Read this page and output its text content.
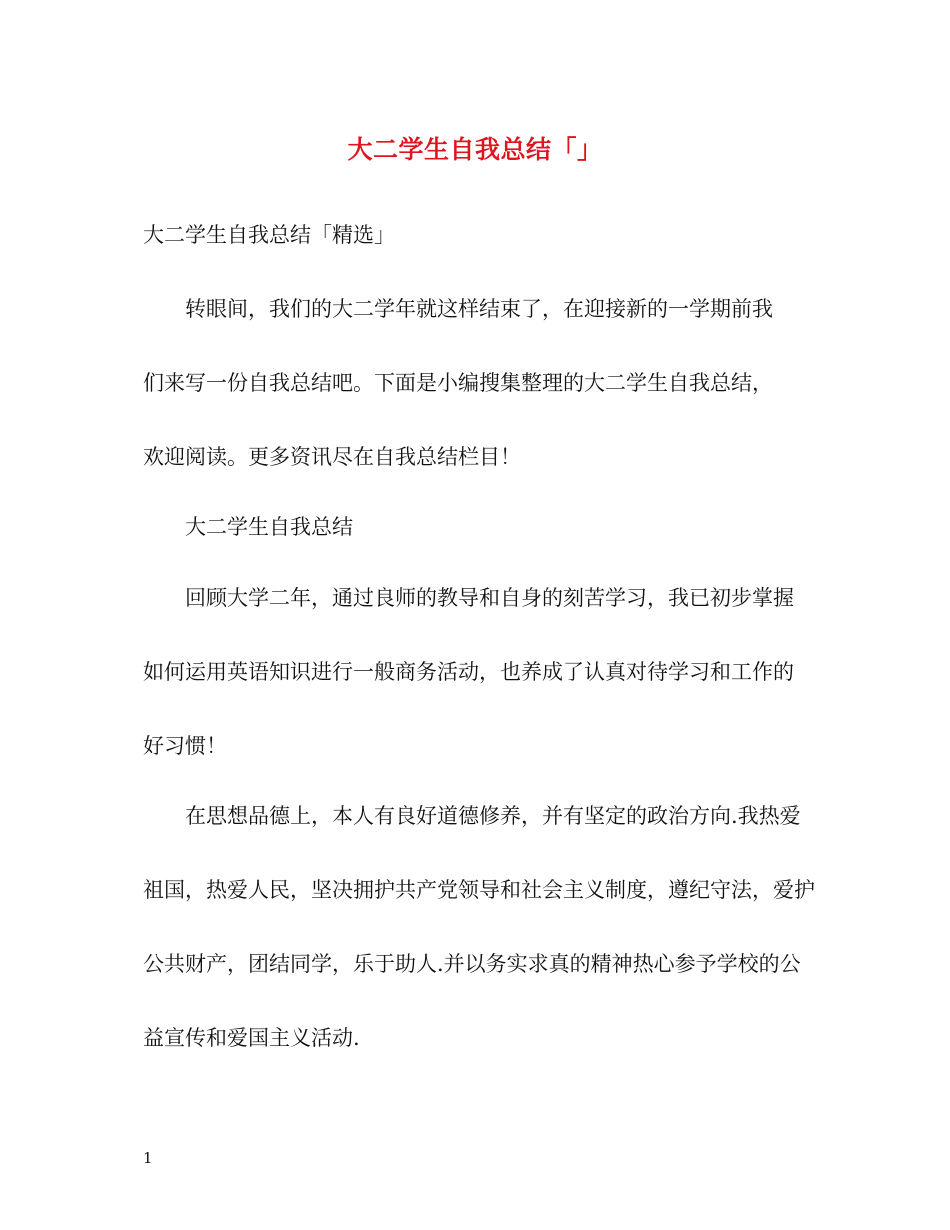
大二学生自我总结「」
大二学生自我总结「精选」
转眼间，我们的大二学年就这样结束了，在迎接新的一学期前我
们来写一份自我总结吧。下面是小编搜集整理的大二学生自我总结，
欢迎阅读。更多资讯尽在自我总结栏目！
大二学生自我总结
回顾大学二年，通过良师的教导和自身的刻苦学习，我已初步掌握
如何运用英语知识进行一般商务活动，也养成了认真对待学习和工作的
好习惯！
在思想品德上，本人有良好道德修养，并有坚定的政治方向.我热爱
祖国，热爱人民，坚决拥护共产党领导和社会主义制度，遵纪守法，爱护
公共财产，团结同学，乐于助人.并以务实求真的精神热心参予学校的公
益宣传和爱国主义活动.
1
